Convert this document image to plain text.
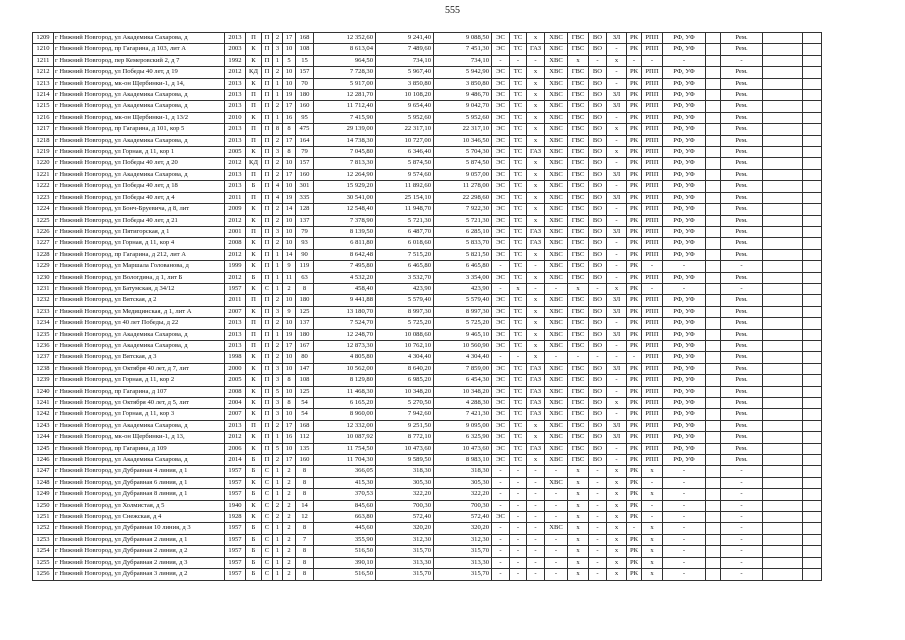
555
1209	г Нижний Новгород, ул Академика Сахарова, д	2013	П	П	2	17	168	12 352,60	9 241,40	9 088,50	ЭС	ТС	х	ХВС	ГВС	ВО	ЗЛ	РК	РПП	РФ, УФ		Рем.		
1210	г Нижний Новгород, пр Гагарина, д 103, лит А	2003	К	П	3	10	108	8 613,04	7 489,60	7 451,30	ЭС	ТС	ГАЗ	ХВС	ГВС	ВО	-	РК	РПП	РФ, УФ		Рем.		
1211	г Нижний Новгород, пер Кемеровский 2, д 7	1992	К	П	1	5	15	964,50	734,10	734,10	-	-	-	ХВС	х	-	х	-	-	-		-		
1212	г Нижний Новгород, ул Победы 40 лет, д 19	2012	КД	П	2	10	157	7 728,30	5 967,40	5 942,90	ЭС	ТС	х	ХВС	ГВС	ВО	-	РК	РПП	РФ, УФ		Рем.		
1213	г Нижний Новгород, мк-он Щербинки-1, д 14,	2013	К	П	1	10	70	5 917,00	3 850,80	3 850,80	ЭС	ТС	х	ХВС	ГВС	ВО	-	РК	РПП	РФ, УФ		Рем.		
1214	г Нижний Новгород, ул Академика Сахарова, д	2013	П	П	1	19	180	12 281,70	10 108,20	9 486,70	ЭС	ТС	х	ХВС	ГВС	ВО	ЗЛ	РК	РПП	РФ, УФ		Рем.		
1215	г Нижний Новгород, ул Академика Сахарова, д	2013	П	П	2	17	160	11 712,40	9 654,40	9 042,70	ЭС	ТС	х	ХВС	ГВС	ВО	ЗЛ	РК	РПП	РФ, УФ		Рем.		
1216	г Нижний Новгород, мк-он Щербинки-1, д 13/2	2010	К	П	1	16	95	7 415,90	5 952,60	5 952,60	ЭС	ТС	х	ХВС	ГВС	ВО	-	РК	РПП	РФ, УФ		Рем.		
1217	г Нижний Новгород, пр Гагарина, д 101, кор 5	2013	П	П	8	8	475	29 139,00	22 317,10	22 317,10	ЭС	ТС	х	ХВС	ГВС	ВО	х	РК	РПП	РФ, УФ		Рем.		
1218	г Нижний Новгород, ул Академика Сахарова, д	2013	П	П	2	17	164	14 738,30	10 727,00	10 346,50	ЭС	ТС	х	ХВС	ГВС	ВО	-	РК	РПП	РФ, УФ		Рем.		
1219	г Нижний Новгород, ул Горная, д 11, кор 1	2005	К	П	3	8	79	7 045,80	6 346,40	5 704,30	ЭС	ТС	ГАЗ	ХВС	ГВС	ВО	х	РК	РПП	РФ, УФ		Рем.		
1220	г Нижний Новгород, ул Победы 40 лет, д 20	2012	КД	П	2	10	157	7 813,30	5 874,50	5 874,50	ЭС	ТС	х	ХВС	ГВС	ВО	-	РК	РПП	РФ, УФ		Рем.		
1221	г Нижний Новгород, ул Академика Сахарова, д	2013	П	П	2	17	160	12 264,90	9 574,60	9 057,00	ЭС	ТС	х	ХВС	ГВС	ВО	ЗЛ	РК	РПП	РФ, УФ		Рем.		
1222	г Нижний Новгород, ул Победы 40 лет, д 18	2013	Б	П	4	10	301	15 929,20	11 892,60	11 278,00	ЭС	ТС	х	ХВС	ГВС	ВО	-	РК	РПП	РФ, УФ		Рем.		
1223	г Нижний Новгород, ул Победы 40 лет, д 4	2011	П	П	4	19	335	30 541,00	25 154,10	22 298,60	ЭС	ТС	х	ХВС	ГВС	ВО	ЗЛ	РК	РПП	РФ, УФ		Рем.		
1224	г Нижний Новгород, ул Бонч-Бруевича, д 8, лит	2009	К	П	2	14	128	12 548,40	11 948,70	7 922,30	ЭС	ТС	х	ХВС	ГВС	ВО	-	РК	РПП	РФ, УФ		Рем.		
1225	г Нижний Новгород, ул Победы 40 лет, д 21	2012	К	П	2	10	137	7 378,90	5 721,30	5 721,30	ЭС	ТС	х	ХВС	ГВС	ВО	-	РК	РПП	РФ, УФ		Рем.		
1226	г Нижний Новгород, ул Пятигорская, д 1	2001	П	П	3	10	79	8 139,50	6 487,70	6 285,10	ЭС	ТС	ГАЗ	ХВС	ГВС	ВО	ЗЛ	РК	РПП	РФ, УФ		Рем.		
1227	г Нижний Новгород, ул Горная, д 11, кор 4	2008	К	П	2	10	93	6 811,80	6 018,60	5 833,70	ЭС	ТС	ГАЗ	ХВС	ГВС	ВО	-	РК	РПП	РФ, УФ		Рем.		
1228	г Нижний Новгород, пр Гагарина, д 212, лит А	2012	К	П	1	14	90	8 642,48	7 515,20	5 821,50	ЭС	ТС	х	ХВС	ГВС	ВО	-	РК	РПП	РФ, УФ		Рем.		
1229	г Нижний Новгород, ул Маршала Голованова, д	1999	К	П	1	9	119	7 495,80	6 465,80	6 465,80	-	ТС	-	ХВС	ГВС	ВО	-	РК	-	-		-		
1230	г Нижний Новгород, ул Вологдина, д 1, лит Б	2012	Б	П	1	11	63	4 532,20	3 532,70	3 354,00	ЭС	ТС	х	ХВС	ГВС	ВО	-	РК	РПП	РФ, УФ		Рем.		
1231	г Нижний Новгород, ул Батумская, д 34/12	1957	К	С	1	2	8	458,40	423,90	423,90	-	х	-	-	х	-	х	РК	-	-		-		
1232	г Нижний Новгород, ул Вятская, д 2	2011	П	П	2	10	180	9 441,88	5 579,40	5 579,40	ЭС	ТС	х	ХВС	ГВС	ВО	ЗЛ	РК	РПП	РФ, УФ		Рем.		
1233	г Нижний Новгород, ул Медицинская, д 1, лит А	2007	К	П	3	9	125	13 180,70	8 997,30	8 997,30	ЭС	ТС	х	ХВС	ГВС	ВО	ЗЛ	РК	РПП	РФ, УФ		Рем.		
1234	г Нижний Новгород, ул 40 лет Победы, д 22	2013	П	П	2	10	137	7 524,70	5 725,20	5 725,20	ЭС	ТС	х	ХВС	ГВС	ВО	-	РК	РПП	РФ, УФ		Рем.		
1235	г Нижний Новгород, ул Академика Сахарова, д	2013	П	П	1	19	180	12 248,70	10 088,60	9 465,10	ЭС	ТС	х	ХВС	ГВС	ВО	ЗЛ	РК	РПП	РФ, УФ		Рем.		
1236	г Нижний Новгород, ул Академика Сахарова, д	2013	П	П	2	17	167	12 873,30	10 762,10	10 560,90	ЭС	ТС	х	ХВС	ГВС	ВО	-	РК	РПП	РФ, УФ		Рем.		
1237	г Нижний Новгород, ул Вятская, д 3	1998	К	П	2	10	80	4 805,80	4 304,40	4 304,40	-	-	х	-	-	-	-	-	РПП	РФ, УФ		Рем.		
1238	г Нижний Новгород, ул Октября 40 лет, д 7, лит	2000	К	П	3	10	147	10 562,00	8 640,20	7 859,00	ЭС	ТС	ГАЗ	ХВС	ГВС	ВО	ЗЛ	РК	РПП	РФ, УФ		Рем.		
1239	г Нижний Новгород, ул Горная, д 11, кор 2	2005	К	П	3	8	108	8 129,80	6 985,20	6 454,30	ЭС	ТС	ГАЗ	ХВС	ГВС	ВО	-	РК	РПП	РФ, УФ		Рем.		
1240	г Нижний Новгород, пр Гагарина, д 107	2008	К	П	5	10	125	11 468,30	10 348,20	10 348,20	ЭС	ТС	ГАЗ	ХВС	ГВС	ВО	-	РК	РПП	РФ, УФ		Рем.		
1241	г Нижний Новгород, ул Октября 40 лет, д 5, лит	2004	К	П	3	8	54	6 165,20	5 270,50	4 288,30	ЭС	ТС	ГАЗ	ХВС	ГВС	ВО	х	РК	РПП	РФ, УФ		Рем.		
1242	г Нижний Новгород, ул Горная, д 11, кор 3	2007	К	П	3	10	54	8 960,00	7 942,60	7 421,30	ЭС	ТС	ГАЗ	ХВС	ГВС	ВО	-	РК	РПП	РФ, УФ		Рем.		
1243	г Нижний Новгород, ул Академика Сахарова, д	2013	П	П	2	17	168	12 332,00	9 251,50	9 095,00	ЭС	ТС	х	ХВС	ГВС	ВО	ЗЛ	РК	РПП	РФ, УФ		Рем.		
1244	г Нижний Новгород, мк-он Щербинки-1, д 13,	2012	К	П	1	16	112	10 087,92	8 772,10	6 325,90	ЭС	ТС	х	ХВС	ГВС	ВО	ЗЛ	РК	РПП	РФ, УФ		Рем.		
1245	г Нижний Новгород, пр Гагарина, д 109	2006	К	П	5	10	135	11 754,50	10 473,60	10 473,60	ЭС	ТС	ГАЗ	ХВС	ГВС	ВО	-	РК	РПП	РФ, УФ		Рем.		
1246	г Нижний Новгород, ул Академика Сахарова, д	2014	Б	П	2	17	160	11 704,30	9 589,50	8 983,10	ЭС	ТС	х	ХВС	ГВС	ВО	-	РК	РПП	РФ, УФ		Рем.		
1247	г Нижний Новгород, ул Дубравная 4 линия, д 1	1957	Б	С	1	2	8	366,05	318,30	318,30	-	-	-	-	х	-	х	РК	х	-		-		
1248	г Нижний Новгород, ул Дубравная 6 линия, д 1	1957	К	С	1	2	8	415,30	305,30	305,30	-	-	-	ХВС	х	-	х	РК	-	-		-		
1249	г Нижний Новгород, ул Дубравная 8 линия, д 1	1957	Б	С	1	2	8	370,53	322,20	322,20	-	-	-	-	х	-	х	РК	х	-		-		
1250	г Нижний Новгород, ул Холмистая, д 5	1940	К	С	2	2	14	845,60	700,30	700,30	-	-	-	-	х	-	х	РК	-	-		-		
1251	г Нижний Новгород, ул Снежская, д 4	1928	К	С	2	2	12	663,80	572,40	572,40	ЭС	-	-	-	х	-	х	РК	-	-		-		
1252	г Нижний Новгород, ул Дубравная 10 линия, д 3	1957	Б	С	1	2	8	445,60	320,20	320,20	-	-	-	ХВС	х	-	х	-	х	-		-		
1253	г Нижний Новгород, ул Дубравная 2 линия, д 1	1957	Б	С	1	2	7	355,90	312,30	312,30	-	-	-	-	х	-	х	РК	х	-		-		
1254	г Нижний Новгород, ул Дубравная 2 линия, д 2	1957	Б	С	1	2	8	516,50	315,70	315,70	-	-	-	-	х	-	х	РК	х	-		-		
1255	г Нижний Новгород, ул Дубравная 2 линия, д 3	1957	Б	С	1	2	8	390,10	313,30	313,30	-	-	-	-	х	-	х	РК	х	-		-		
1256	г Нижний Новгород, ул Дубравная 3 линия, д 2	1957	Б	С	1	2	8	516,50	315,70	315,70	-	-	-	-	х	-	х	РК	х	-		-		
